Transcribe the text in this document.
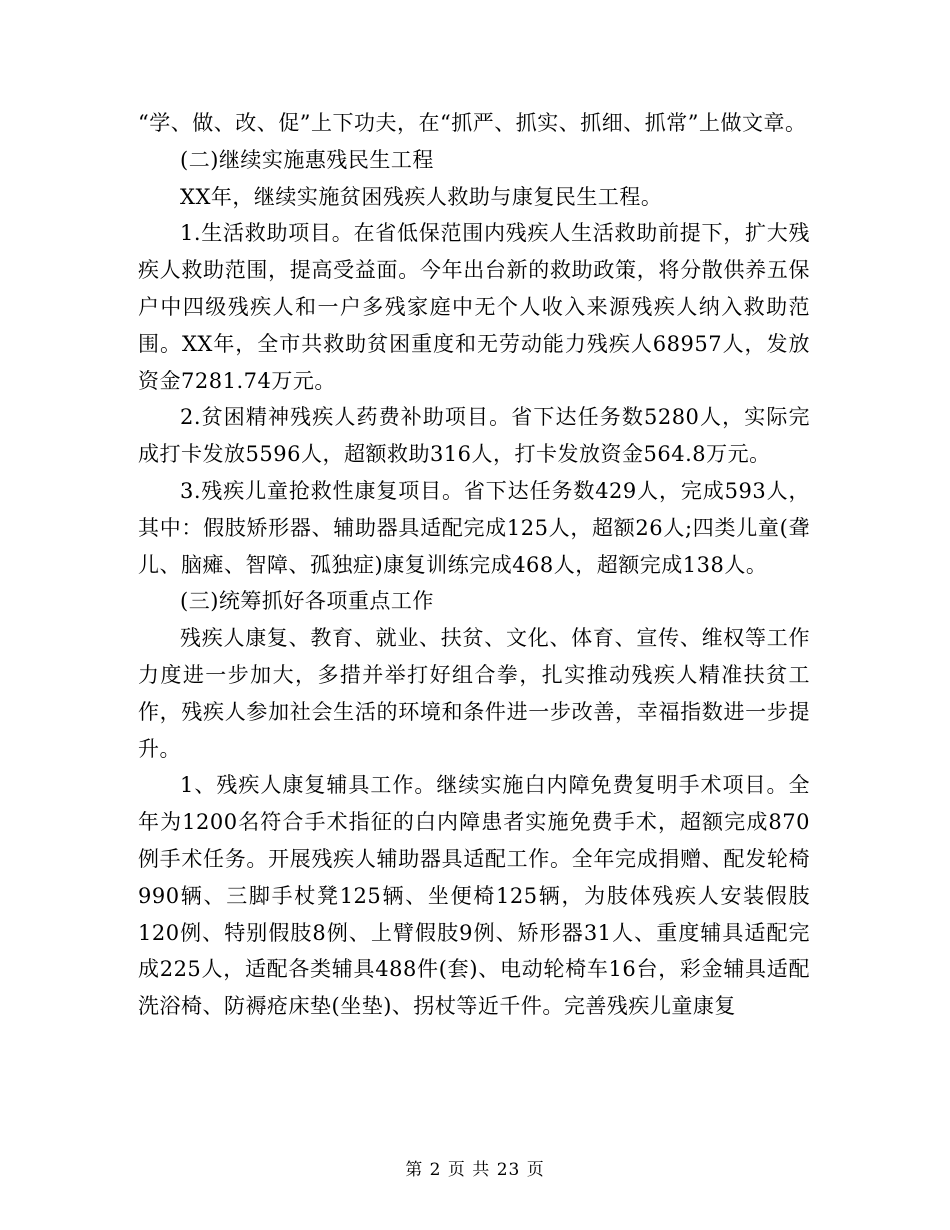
“学、做、改、促”上下功夫，在“抓严、抓实、抓细、抓常”上做文章。

(二)继续实施惠残民生工程

XX年，继续实施贫困残疾人救助与康复民生工程。

1.生活救助项目。在省低保范围内残疾人生活救助前提下，扩大残疾人救助范围，提高受益面。今年出台新的救助政策，将分散供养五保户中四级残疾人和一户多残家庭中无个人收入来源残疾人纳入救助范围。XX年，全市共救助贫困重度和无劳动能力残疾人68957人，发放资金7281.74万元。

2.贫困精神残疾人药费补助项目。省下达任务数5280人，实际完成打卡发放5596人，超额救助316人，打卡发放资金564.8万元。

3.残疾儿童抢救性康复项目。省下达任务数429人，完成593人，其中：假肢矫形器、辅助器具适配完成125人，超额26人;四类儿童(聋儿、脑瘫、智障、孤独症)康复训练完成468人，超额完成138人。

(三)统筹抓好各项重点工作

残疾人康复、教育、就业、扶贫、文化、体育、宣传、维权等工作力度进一步加大，多措并举打好组合拳，扎实推动残疾人精准扶贫工作，残疾人参加社会生活的环境和条件进一步改善，幸福指数进一步提升。

1、残疾人康复辅具工作。继续实施白内障免费复明手术项目。全年为1200名符合手术指征的白内障患者实施免费手术，超额完成870例手术任务。开展残疾人辅助器具适配工作。全年完成捐赠、配发轮椅990辆、三脚手杖凳125辆、坐便椅125辆，为肢体残疾人安装假肢120例、特别假肢8例、上臂假肢9例、矫形器31人、重度辅具适配完成225人，适配各类辅具488件(套)、电动轮椅车16台，彩金辅具适配洗浴椅、防褥疮床垫(坐垫)、拐杖等近千件。完善残疾儿童康复

第 2 页 共 23 页
